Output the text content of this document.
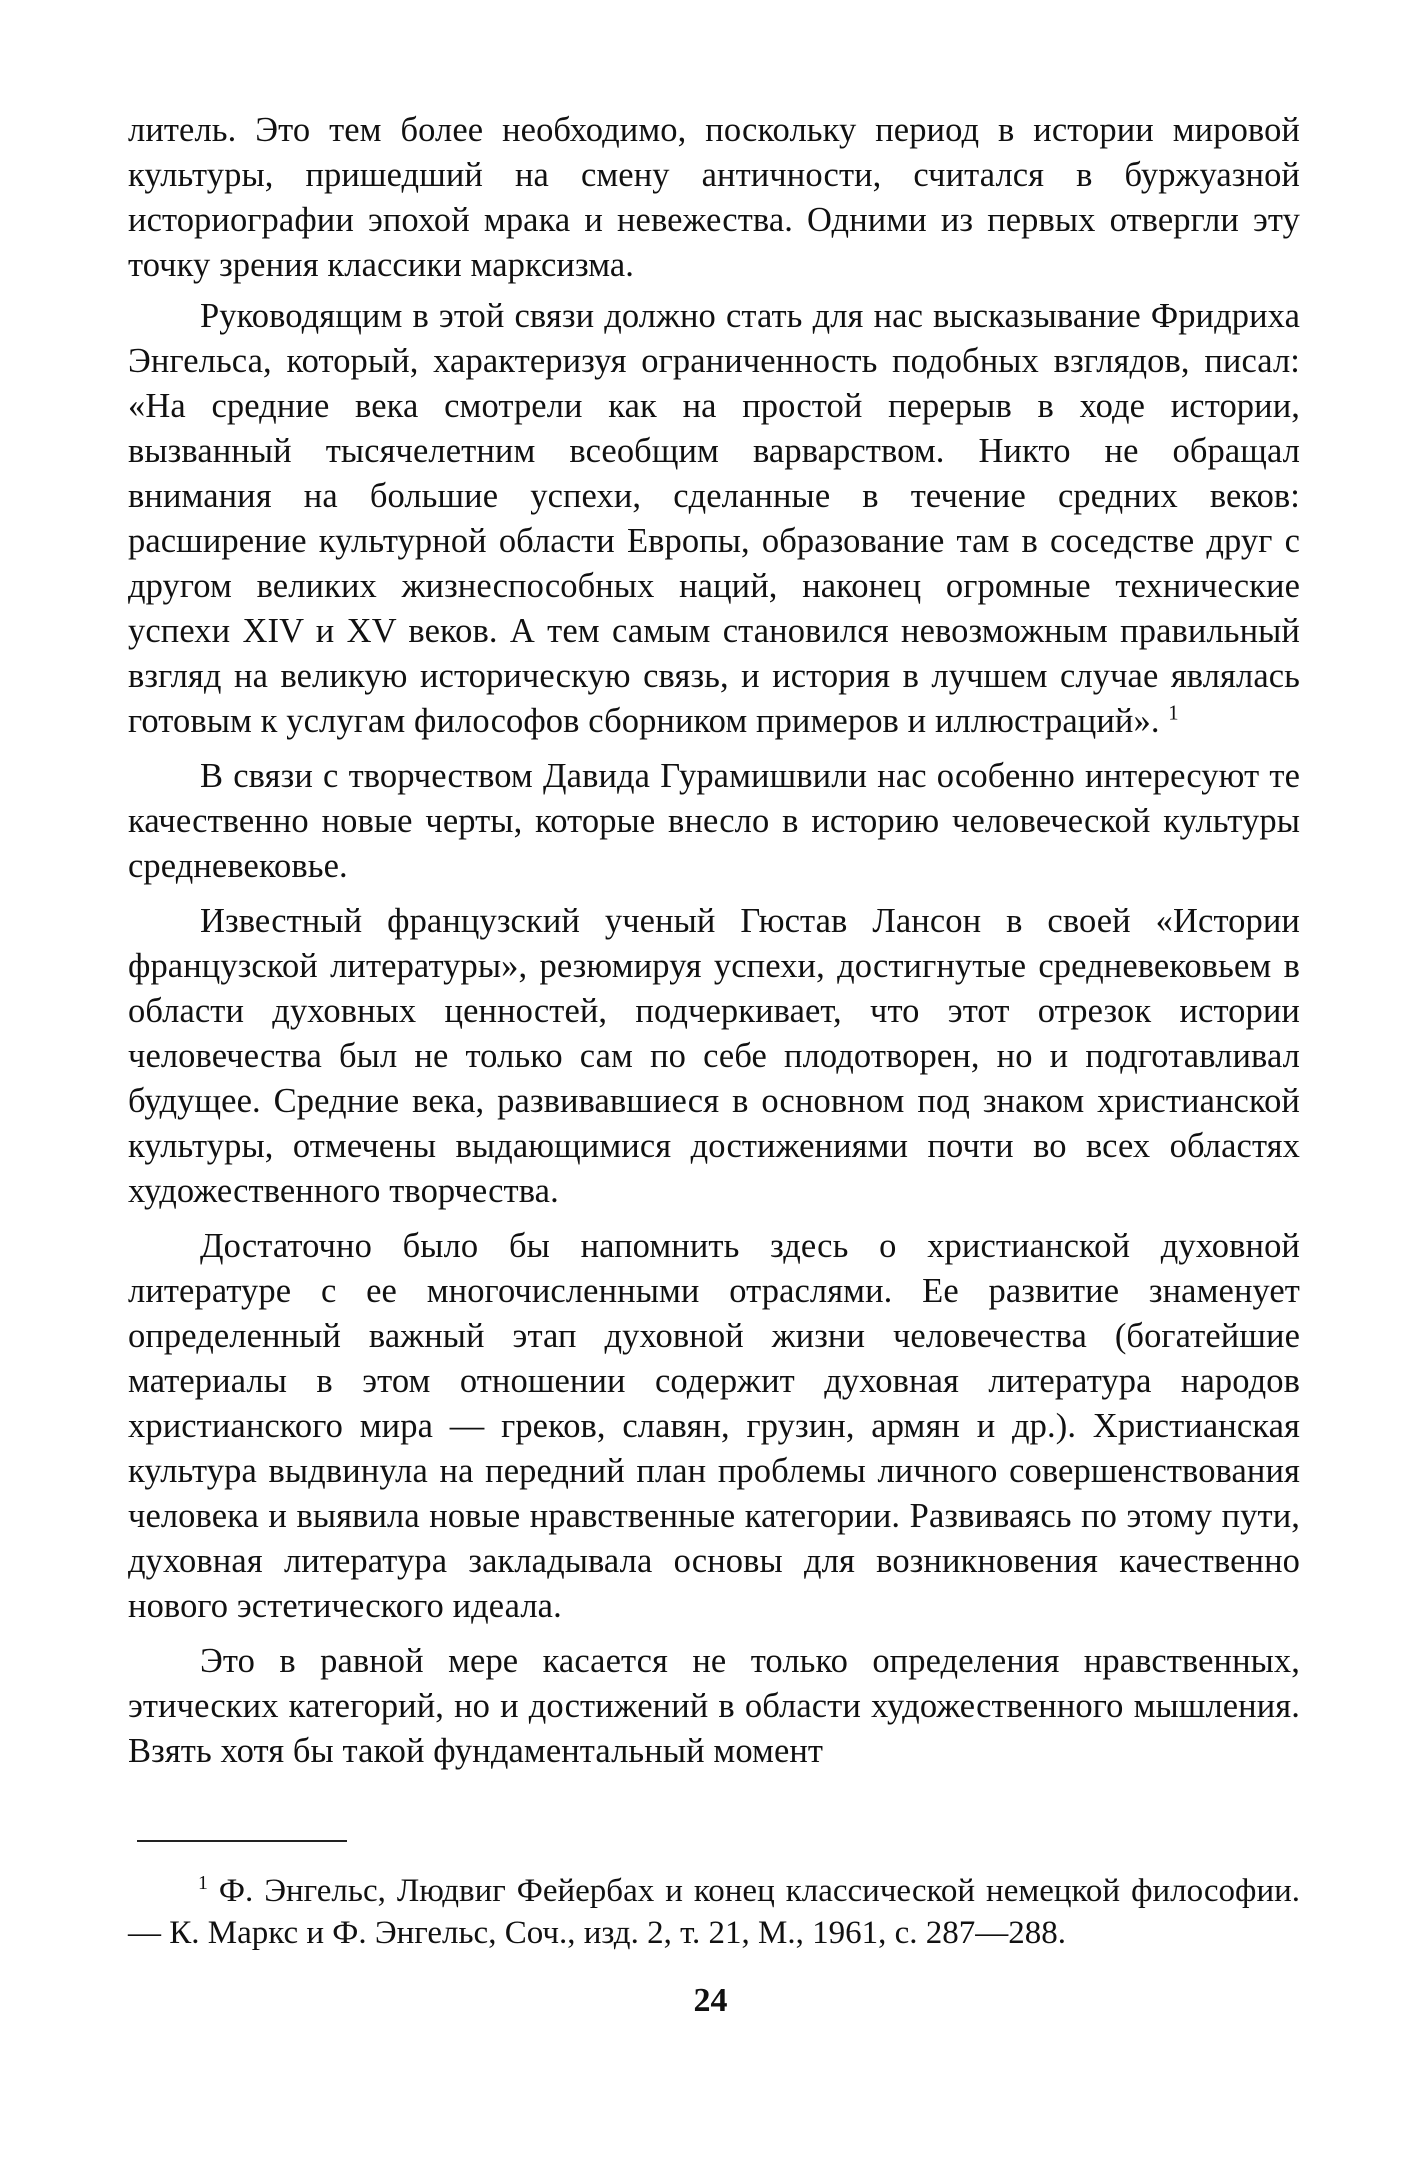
литель. Это тем более необходимо, поскольку период в истории мировой культуры, пришедший на смену античности, считался в буржуазной историографии эпохой мрака и невежества. Одними из первых отвергли эту точку зрения классики марксизма.

Руководящим в этой связи должно стать для нас высказывание Фридриха Энгельса, который, характеризуя ограниченность подобных взглядов, писал: «На средние века смотрели как на простой перерыв в ходе истории, вызванный тысячелетним всеобщим варварством. Никто не обращал внимания на большие успехи, сделанные в течение средних веков: расширение культурной области Европы, образование там в соседстве друг с другом великих жизнеспособных наций, наконец огромные технические успехи XIV и XV веков. А тем самым становился невозможным правильный взгляд на великую историческую связь, и история в лучшем случае являлась готовым к услугам философов сборником примеров и иллюстраций». $^1$

В связи с творчеством Давида Гурамишвили нас особенно интересуют те качественно новые черты, которые внесло в историю человеческой культуры средневековье.

Известный французский ученый Гюстав Лансон в своей «Истории французской литературы», резюмируя успехи, достигнутые средневековьем в области духовных ценностей, подчеркивает, что этот отрезок истории человечества был не только сам по себе плодотворен, но и подготавливал будущее. Средние века, развивавшиеся в основном под знаком христианской культуры, отмечены выдающимися достижениями почти во всех областях художественного творчества.

Достаточно было бы напомнить здесь о христианской духовной литературе с ее многочисленными отраслями. Ее развитие знаменует определенный важный этап духовной жизни человечества (богатейшие материалы в этом отношении содержит духовная литература народов христианского мира — греков, славян, грузин, армян и др.). Христианская культура выдвинула на передний план проблемы личного совершенствования человека и выявила новые нравственные категории. Развиваясь по этому пути, духовная литература закладывала основы для возникновения качественно нового эстетического идеала.

Это в равной мере касается не только определения нравственных, этических категорий, но и достижений в области художественного мышления. Взять хотя бы такой фундаментальный момент

$^1$ Ф. Энгельс, Людвиг Фейербах и конец классической немецкой философии. — К. Маркс и Ф. Энгельс, Соч., изд. 2, т. 21, М., 1961, с. 287—288.

24
